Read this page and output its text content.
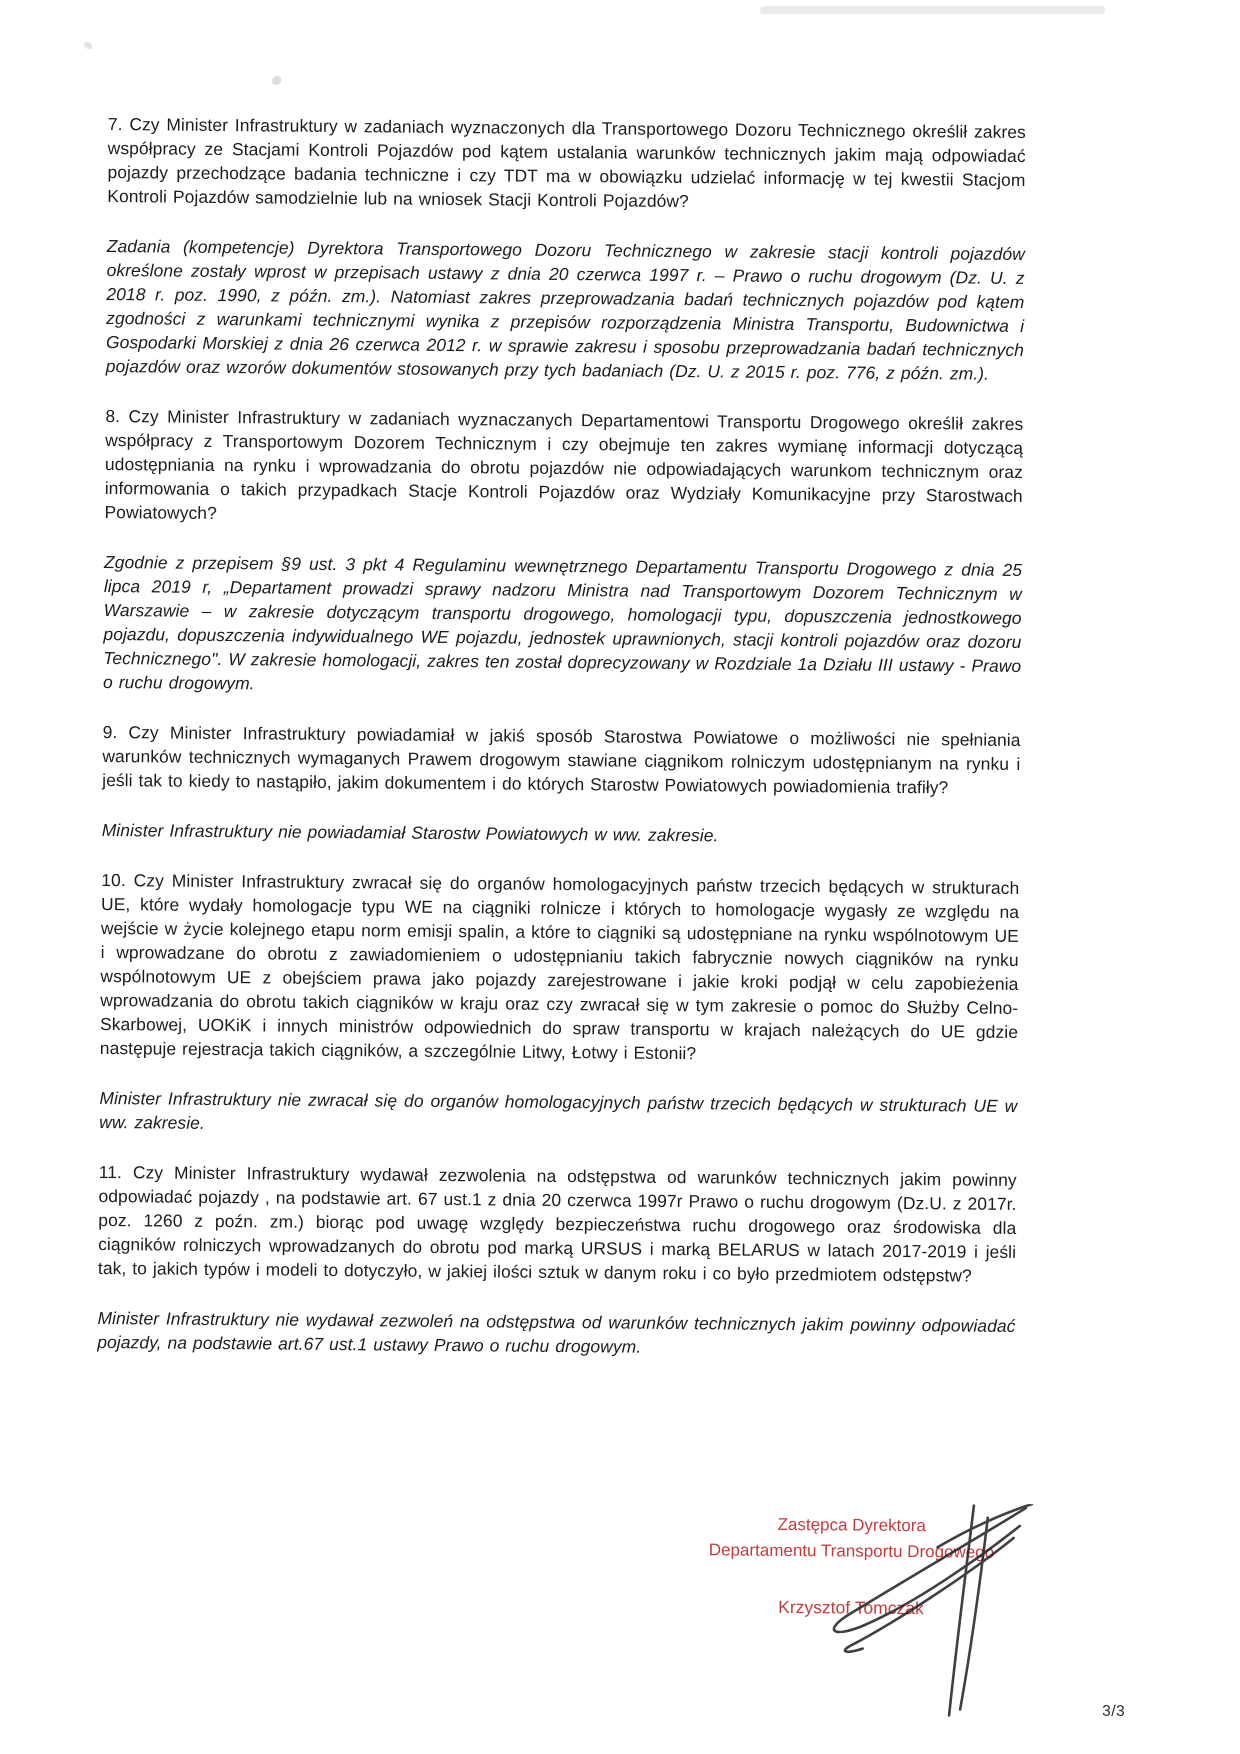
7. Czy Minister Infrastruktury w zadaniach wyznaczonych dla Transportowego Dozoru Technicznego określił zakres współpracy ze Stacjami Kontroli Pojazdów pod kątem ustalania warunków technicznych jakim mają odpowiadać pojazdy przechodzące badania techniczne i czy TDT ma w obowiązku udzielać informację w tej kwestii Stacjom Kontroli Pojazdów samodzielnie lub na wniosek Stacji Kontroli Pojazdów?

Zadania (kompetencje) Dyrektora Transportowego Dozoru Technicznego w zakresie stacji kontroli pojazdów określone zostały wprost w przepisach ustawy z dnia 20 czerwca 1997 r. – Prawo o ruchu drogowym (Dz. U. z 2018 r. poz. 1990, z późn. zm.). Natomiast zakres przeprowadzania badań technicznych pojazdów pod kątem zgodności z warunkami technicznymi wynika z przepisów rozporządzenia Ministra Transportu, Budownictwa i Gospodarki Morskiej z dnia 26 czerwca 2012 r. w sprawie zakresu i sposobu przeprowadzania badań technicznych pojazdów oraz wzorów dokumentów stosowanych przy tych badaniach (Dz. U. z 2015 r. poz. 776, z późn. zm.).

8. Czy Minister Infrastruktury w zadaniach wyznaczanych Departamentowi Transportu Drogowego określił zakres współpracy z Transportowym Dozorem Technicznym i czy obejmuje ten zakres wymianę informacji dotyczącą udostępniania na rynku i wprowadzania do obrotu pojazdów nie odpowiadających warunkom technicznym oraz informowania o takich przypadkach Stacje Kontroli Pojazdów oraz Wydziały Komunikacyjne przy Starostwach Powiatowych?

Zgodnie z przepisem §9 ust. 3 pkt 4 Regulaminu wewnętrznego Departamentu Transportu Drogowego z dnia 25 lipca 2019 r, „Departament prowadzi sprawy nadzoru Ministra nad Transportowym Dozorem Technicznym w Warszawie – w zakresie dotyczącym transportu drogowego, homologacji typu, dopuszczenia jednostkowego pojazdu, dopuszczenia indywidualnego WE pojazdu, jednostek uprawnionych, stacji kontroli pojazdów oraz dozoru Technicznego". W zakresie homologacji, zakres ten został doprecyzowany w Rozdziale 1a Działu III ustawy - Prawo o ruchu drogowym.

9. Czy Minister Infrastruktury powiadamiał w jakiś sposób Starostwa Powiatowe o możliwości nie spełniania warunków technicznych wymaganych Prawem drogowym stawiane ciągnikom rolniczym udostępnianym na rynku i jeśli tak to kiedy to nastąpiło, jakim dokumentem i do których Starostw Powiatowych powiadomienia trafiły?

Minister Infrastruktury nie powiadamiał Starostw Powiatowych w ww. zakresie.

10. Czy Minister Infrastruktury zwracał się do organów homologacyjnych państw trzecich będących w strukturach UE, które wydały homologacje typu WE na ciągniki rolnicze i których to homologacje wygasły ze względu na wejście w życie kolejnego etapu norm emisji spalin, a które to ciągniki są udostępniane na rynku wspólnotowym UE i wprowadzane do obrotu z zawiadomieniem o udostępnianiu takich fabrycznie nowych ciągników na rynku wspólnotowym UE z obejściem prawa jako pojazdy zarejestrowane i jakie kroki podjął w celu zapobieżenia wprowadzania do obrotu takich ciągników w kraju oraz czy zwracał się w tym zakresie o pomoc do Służby Celno-Skarbowej, UOKiK i innych ministrów odpowiednich do spraw transportu w krajach należących do UE gdzie następuje rejestracja takich ciągników, a szczególnie Litwy, Łotwy i Estonii?

Minister Infrastruktury nie zwracał się do organów homologacyjnych państw trzecich będących w strukturach UE w ww. zakresie.

11. Czy Minister Infrastruktury wydawał zezwolenia na odstępstwa od warunków technicznych jakim powinny odpowiadać pojazdy , na podstawie art. 67 ust.1 z dnia 20 czerwca 1997r Prawo o ruchu drogowym (Dz.U. z 2017r. poz. 1260 z poźn. zm.) biorąc pod uwagę względy bezpieczeństwa ruchu drogowego oraz środowiska dla ciągników rolniczych wprowadzanych do obrotu pod marką URSUS i marką BELARUS w latach 2017-2019 i jeśli tak, to jakich typów i modeli to dotyczyło, w jakiej ilości sztuk w danym roku i co było przedmiotem odstępstw?

Minister Infrastruktury nie wydawał zezwoleń na odstępstwa od warunków technicznych jakim powinny odpowiadać pojazdy, na podstawie art.67 ust.1 ustawy Prawo o ruchu drogowym.

Zastępca Dyrektora
Departamentu Transportu Drogowego
Krzysztof Tomczak
3/3
